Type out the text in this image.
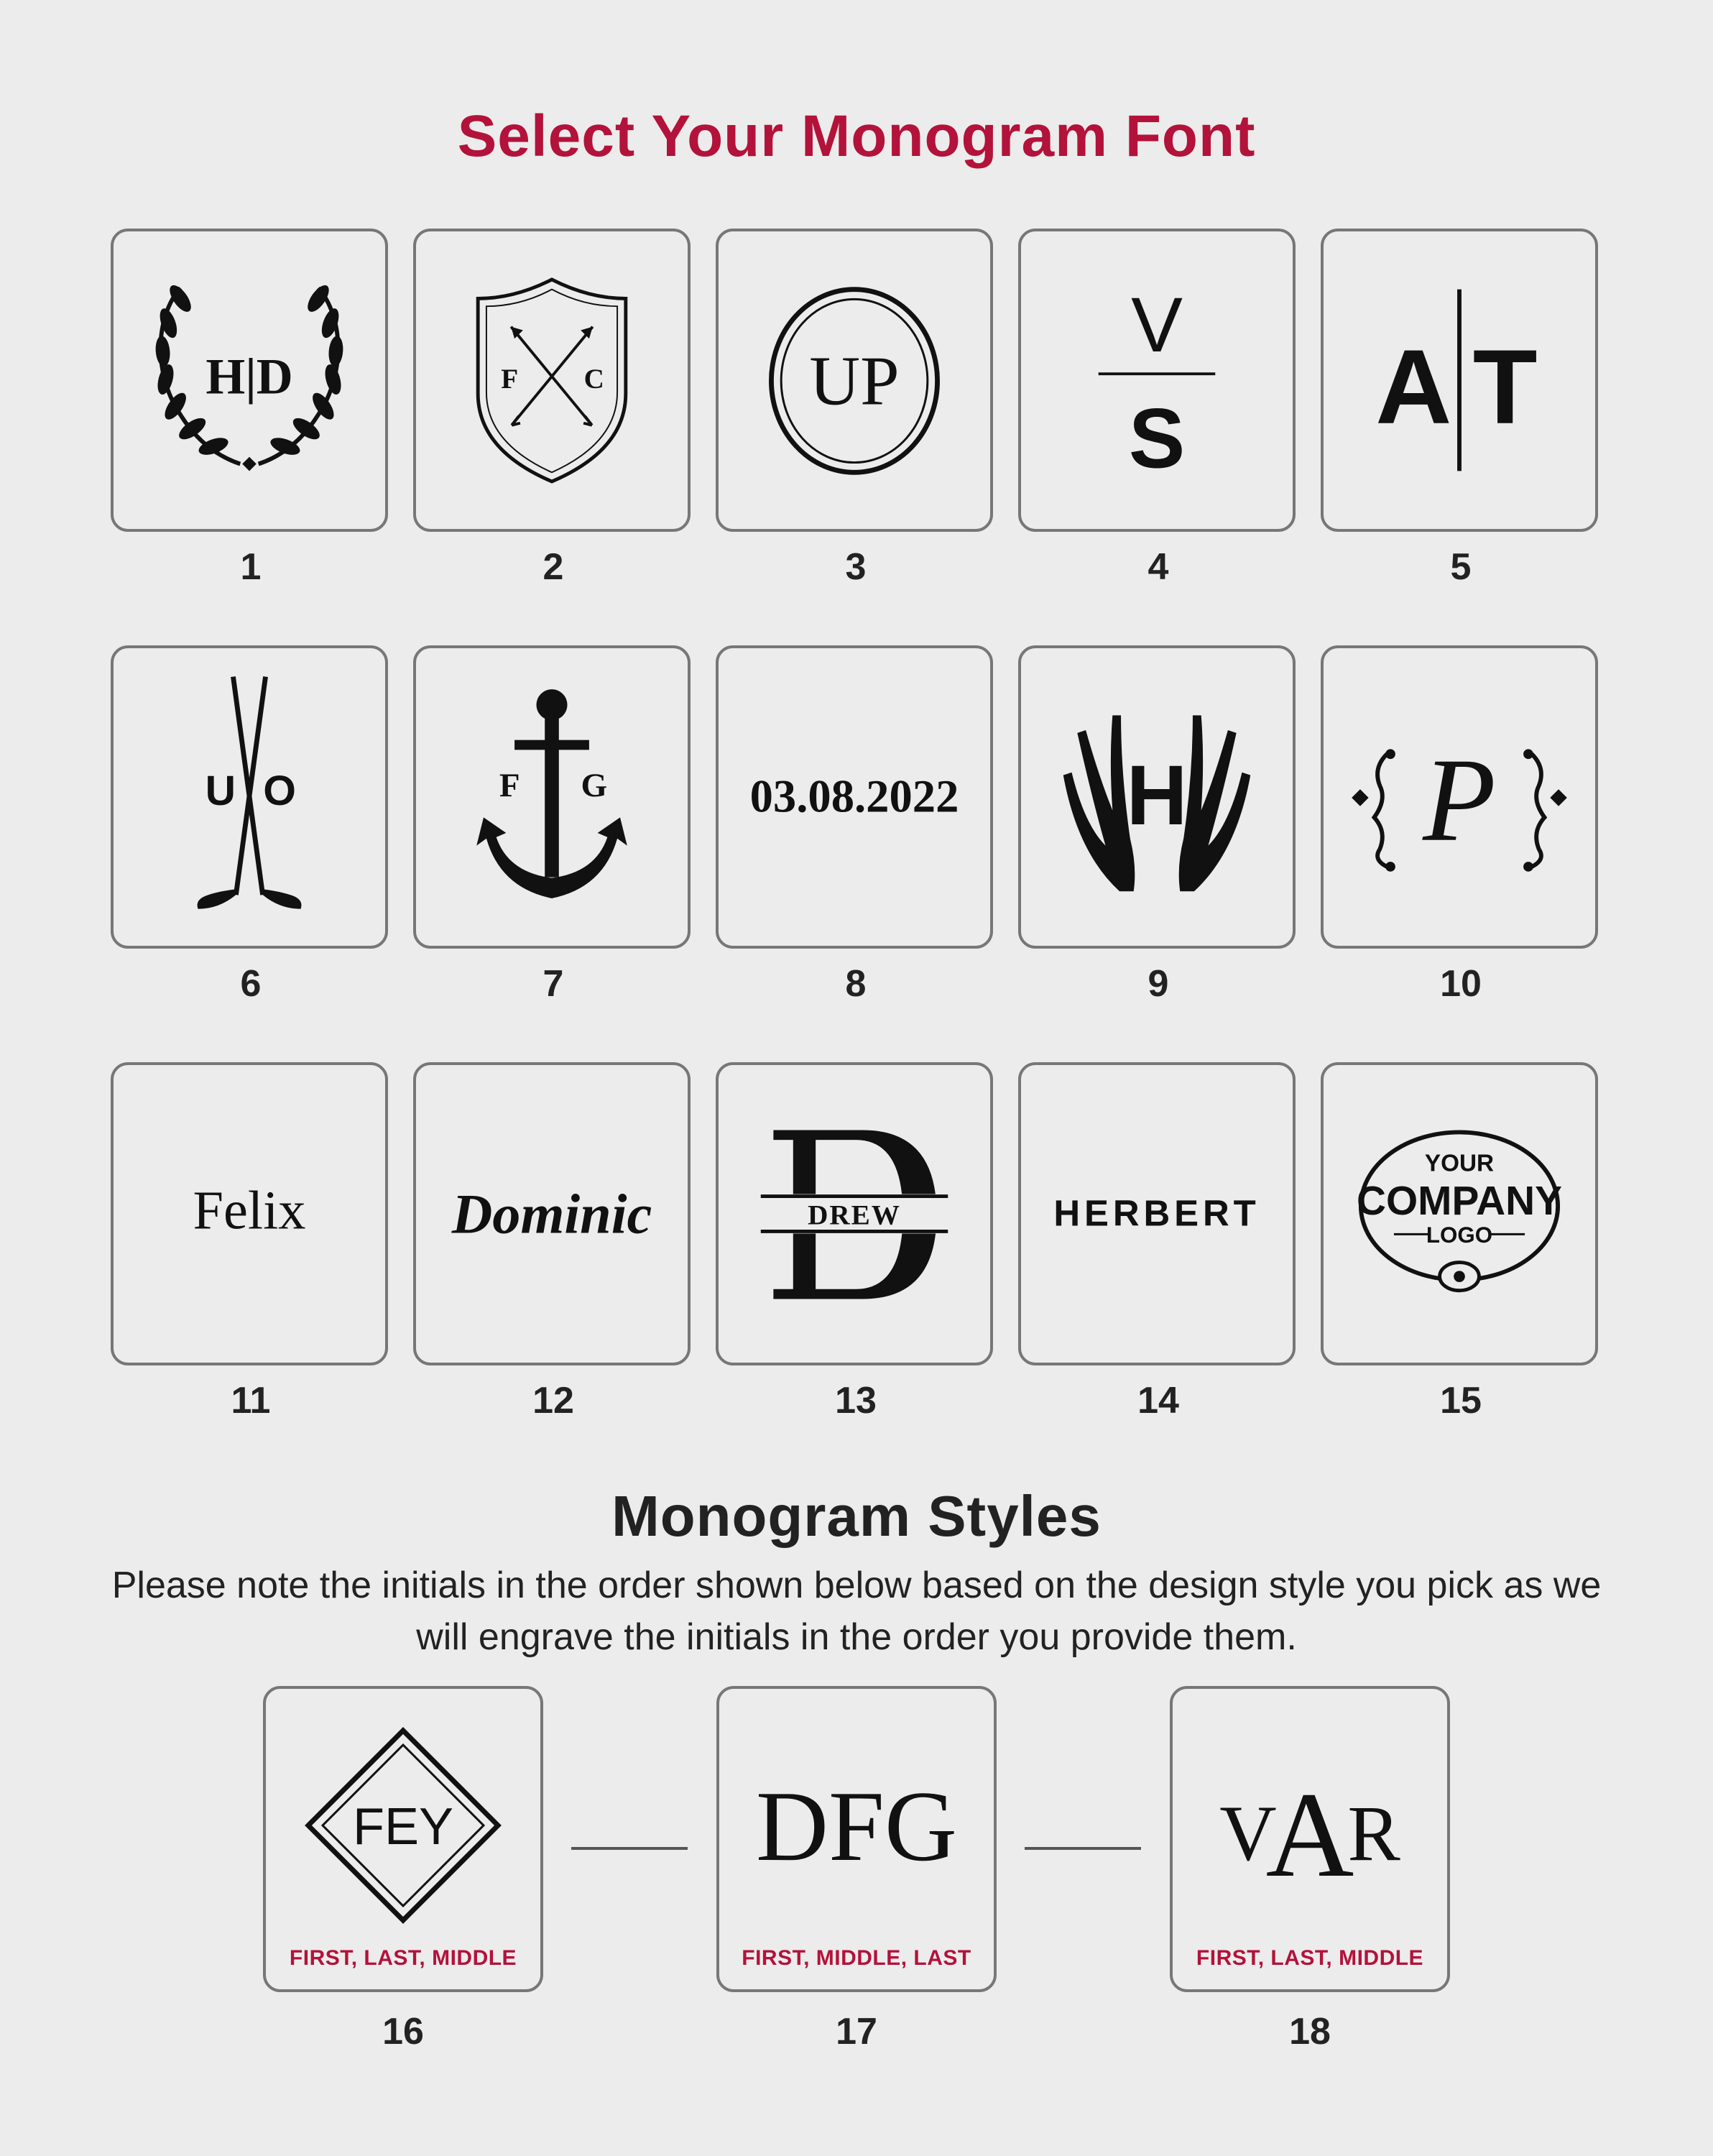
Select Your Monogram Font
H|D
1
F C
2
UP
3
V
S
4
A T
5
U O
6
F G
7
03.08.2022
8
H
9
P
10
Felix
11
Dominic
12
DREW
13
HERBERT
14
YOUR
COMPANY
LOGO
15
Monogram Styles
Please note the initials in the order shown below based on the design style you pick as we will engrave the initials in the order you provide them.
FEY
FIRST, LAST, MIDDLE
16
DFG
FIRST, MIDDLE, LAST
17
V
A
R
FIRST, LAST, MIDDLE
18
